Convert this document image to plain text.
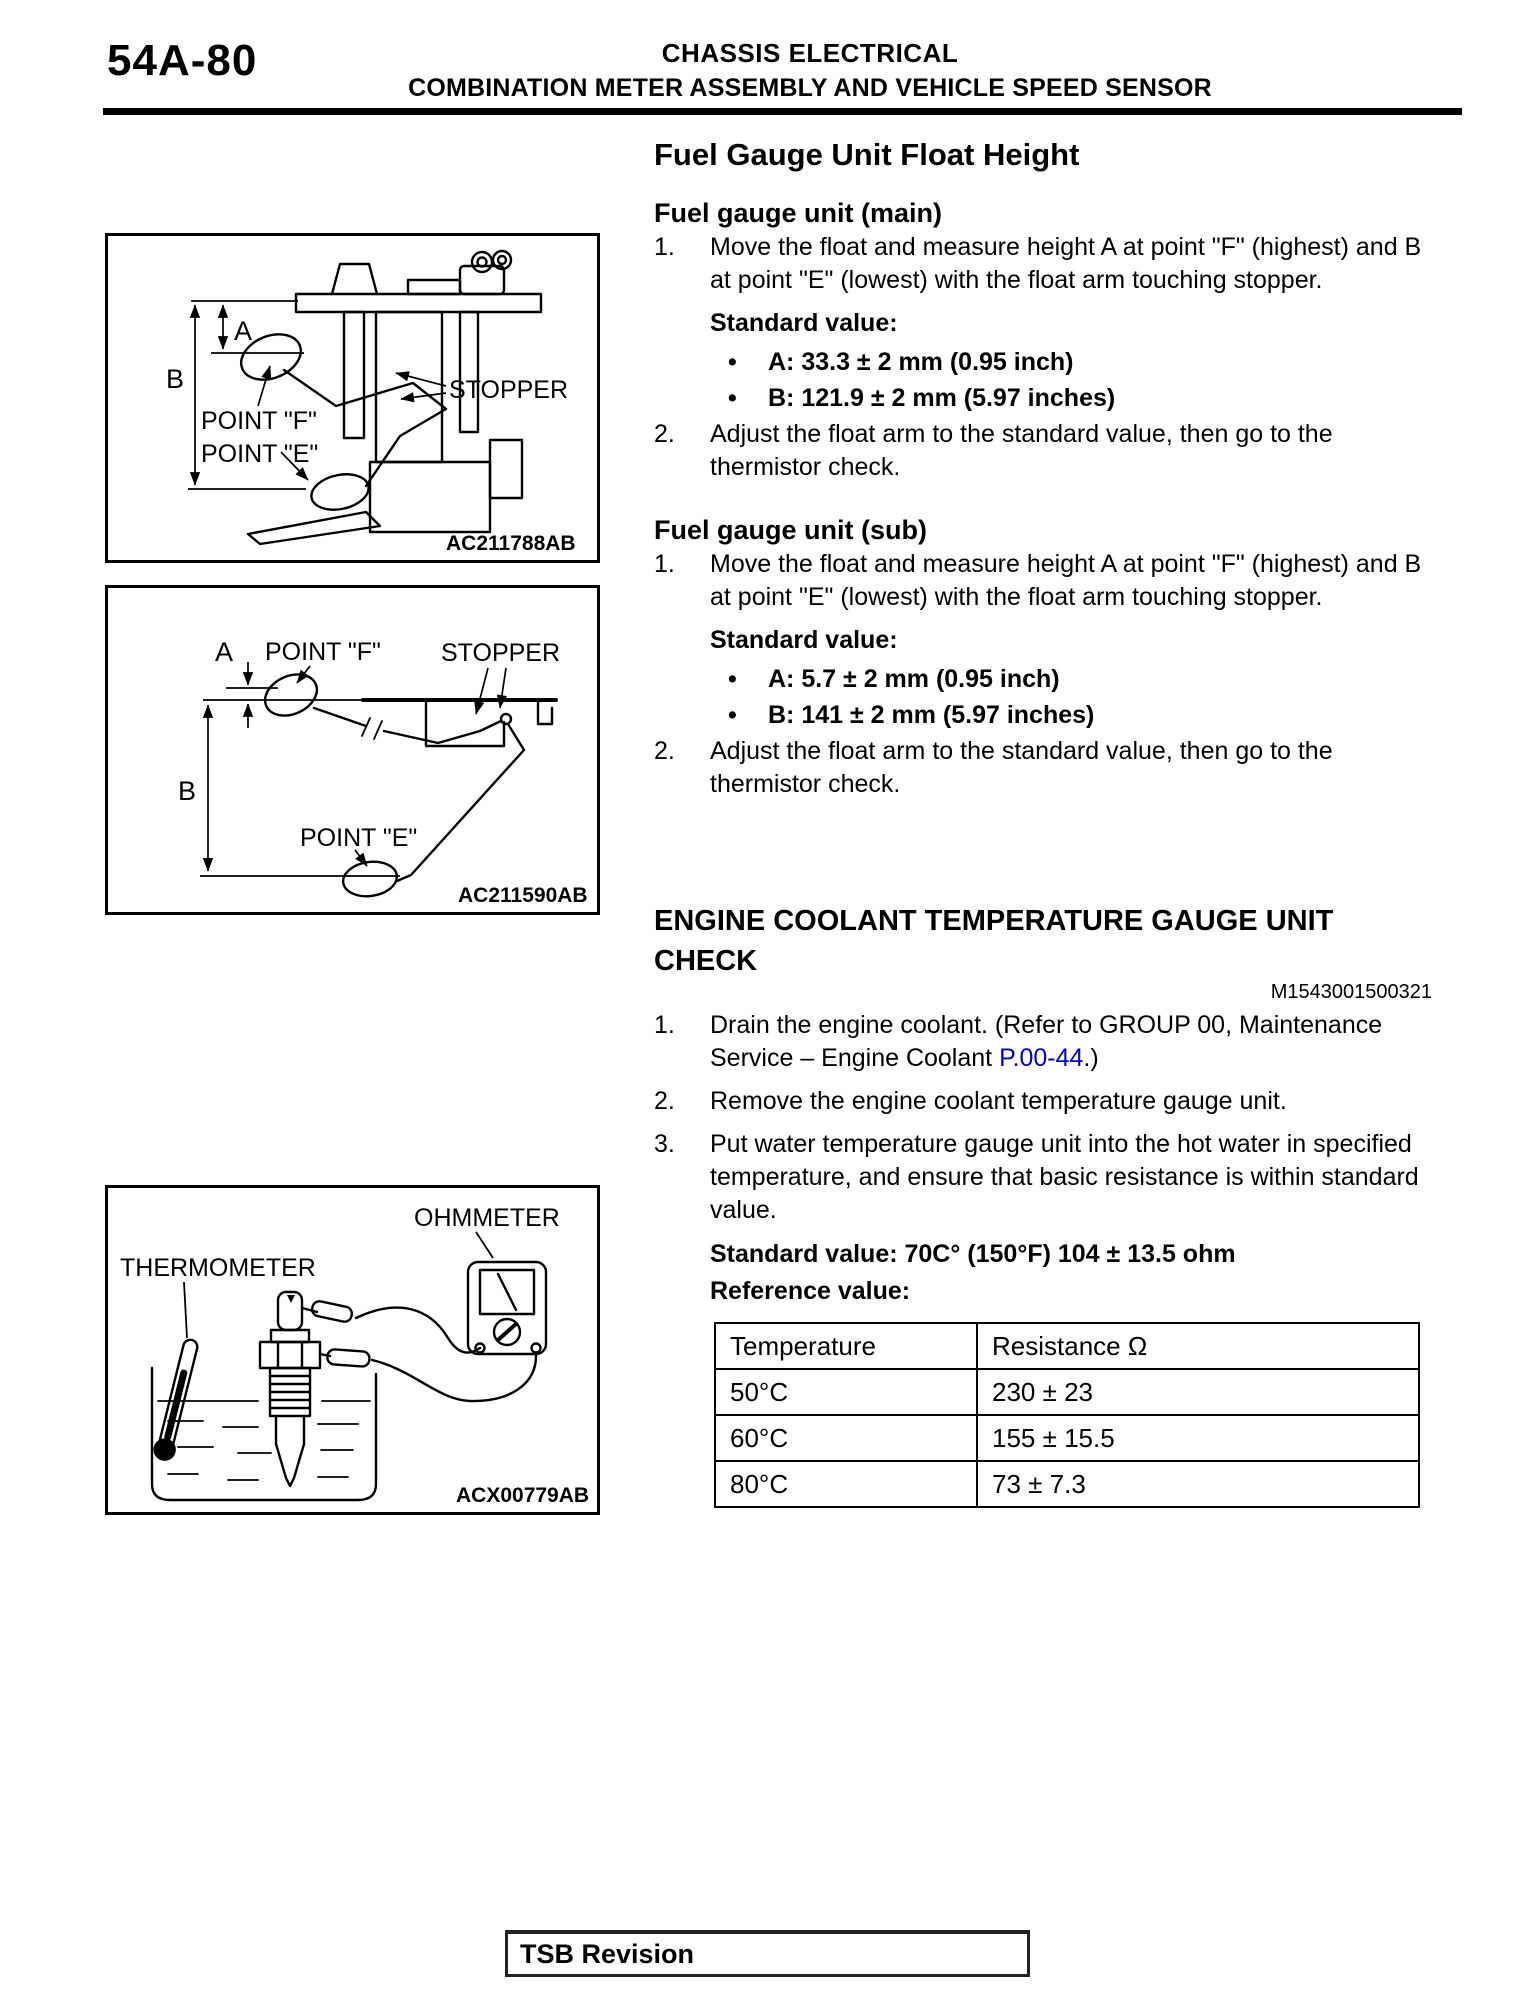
54A-80	CHASSIS ELECTRICAL
COMBINATION METER ASSEMBLY AND VEHICLE SPEED SENSOR
A
B
POINT "F"
POINT "E"
STOPPER
AC211788AB
A
B
POINT "F" STOPPER
POINT "E"
AC211590AB
OHMMETER
THERMOMETER
ACX00779AB
Fuel Gauge Unit Float Height
Fuel gauge unit (main)
1.	Move the float and measure height A at point "F" (highest) and B at point "E" (lowest) with the float arm touching stopper.
Standard value:
•	A: 33.3 ± 2 mm (0.95 inch)
•	B: 121.9 ± 2 mm (5.97 inches)
2.	Adjust the float arm to the standard value, then go to the thermistor check.
Fuel gauge unit (sub)
1.	Move the float and measure height A at point "F" (highest) and B at point "E" (lowest) with the float arm touching stopper.
Standard value:
•	A: 5.7 ± 2 mm (0.95 inch)
•	B: 141 ± 2 mm (5.97 inches)
2.	Adjust the float arm to the standard value, then go to the thermistor check.
ENGINE COOLANT TEMPERATURE GAUGE UNIT CHECK
M1543001500321
1.	Drain the engine coolant. (Refer to GROUP 00, Maintenance Service – Engine Coolant P.00-44.)
2.	Remove the engine coolant temperature gauge unit.
3.	Put water temperature gauge unit into the hot water in specified temperature, and ensure that basic resistance is within standard value.
Standard value: 70C° (150°F) 104 ± 13.5 ohm
Reference value:
Temperature	Resistance Ω
50°C	230 ± 23
60°C	155 ± 15.5
80°C	73 ± 7.3
TSB Revision
